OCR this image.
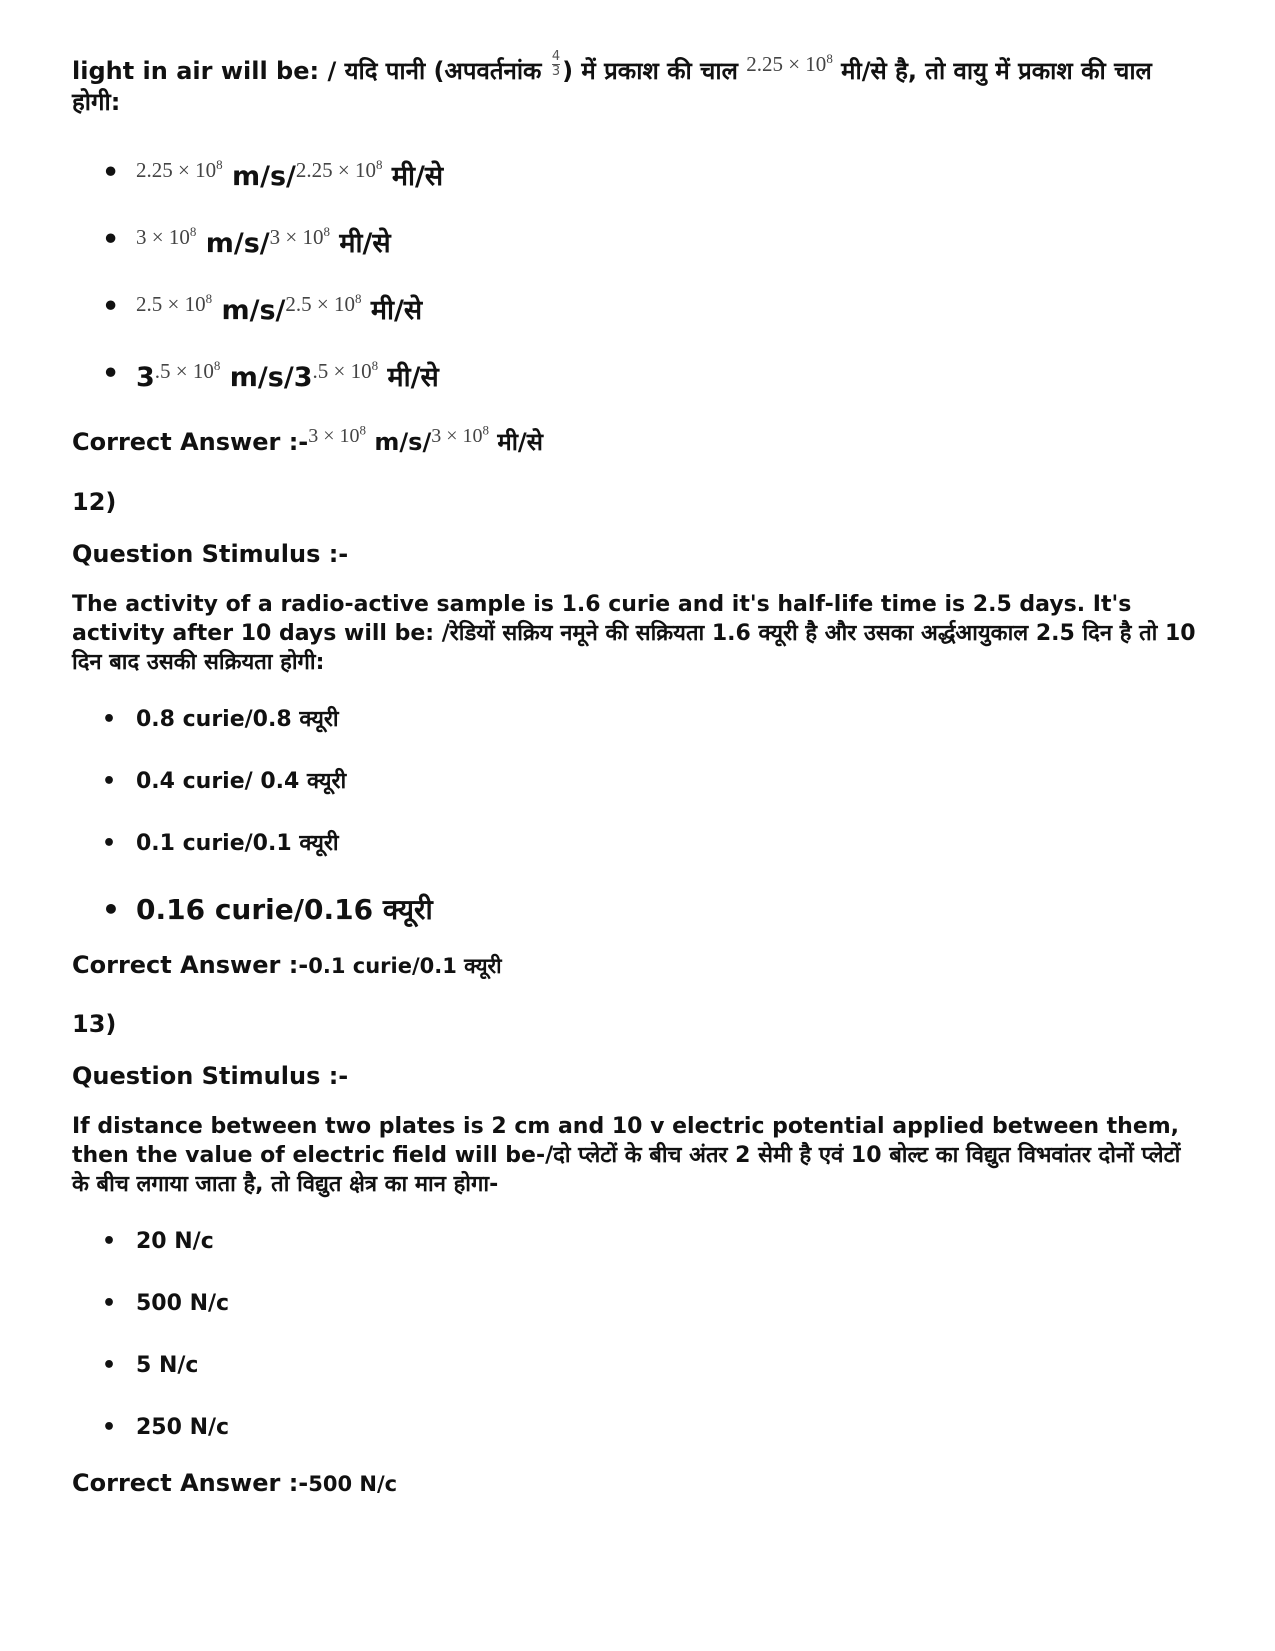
light in air will be: / यदि पानी (अपवर्तनांक $\frac{4}{3}$ ) में प्रकाश की चाल $2.25 \times 10^8$ मी/से है, तो वायु में प्रकाश की चाल होगी:

• $^{2.25 \times 10^8}$ m/s/$^{2.25 \times 10^8}$ मी/से
• $^{3 \times 10^8}$ m/s/$^{3 \times 10^8}$ मी/से
• $^{2.5 \times 10^8}$ m/s/$^{2.5 \times 10^8}$ मी/से
• $3^{.5 \times 10^8}$ $m/s/3^{.5 \times 10^8}$ मी/से

Correct Answer :-$^{3 \times 10^8}$ m/s/$^{3 \times 10^8}$ मी/से

12)

Question Stimulus :-

The activity of a radio-active sample is 1.6 curie and it's half-life time is 2.5 days. It's activity after 10 days will be: /रेडियों सक्रिय नमूने की सक्रियता 1.6 क्यूरी है और उसका अर्द्धआयुकाल 2.5 दिन है तो 10 दिन बाद उसकी सक्रियता होगी:

• 0.8 curie/0.8 क्यूरी
• 0.4 curie/ 0.4 क्यूरी
• 0.1 curie/0.1 क्यूरी
• 0.16 curie/0.16 क्यूरी

Correct Answer :-0.1 curie/0.1 क्यूरी

13)

Question Stimulus :-

If distance between two plates is 2 cm and 10 v electric potential applied between them, then the value of electric field will be-/दो प्लेटों के बीच अंतर 2 सेमी है एवं 10 बोल्ट का विद्युत विभवांतर दोनों प्लेटों के बीच लगाया जाता है, तो विद्युत क्षेत्र का मान होगा-

• 20 N/c
• 500 N/c
• 5 N/c
• 250 N/c

Correct Answer :-500 N/c
